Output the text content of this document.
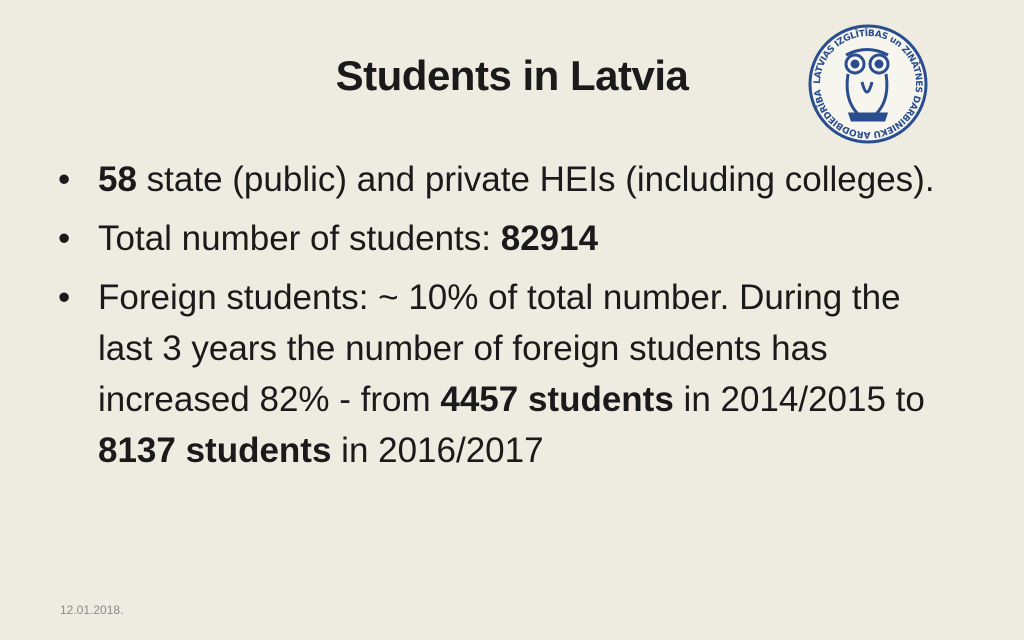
Students in Latvia	LATVIAS IZGLĪTĪBAS un ZINĀTNES DARBINIEKU ARODBIEDRĪBA
• 58 state (public) and private HEIs (including colleges).
• Total number of students: 82914
• Foreign students: ~ 10% of total number. During the last 3 years the number of foreign students has increased 82% - from 4457 students in 2014/2015 to 8137 students in 2016/2017
12.01.2018.
